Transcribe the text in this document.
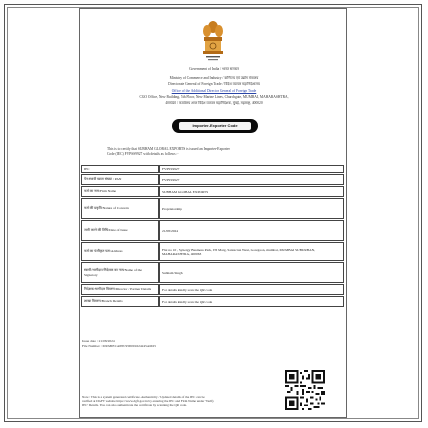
Government of India / भारत सरकार
Ministry of Commerce and Industry / वाणिज्य एवं उद्योग मंत्रालय
Directorate General of Foreign Trade / विदेश व्यापार महानिदेशालय
Office of the Additional Director General of Foreign Trade
CGO Office, New Building, 5th Floor, New Marine Lines, Churchgate, MUMBAI, MAHARASHTRA,
400020 / कार्यालय अपर विदेश व्यापार महानिदेशक, मुंबई, महाराष्ट्र, 400020
Importer-Exporter Code
This is to certify that SUBHAM GLOBAL EXPORTS is issued an Importer-Exporter
Code (IEC) FVPSS9927 with details as follows :-
IEC	FVPSS9927
पैन/स्थायी खाता संख्या / PAN	FVPSS9927
फर्म का नाम/Firm Name	SUBHAM GLOBAL EXPORTS
फर्म की प्रकृति/Nature of Concern	Proprietorship
जारी करने की तिथि/Date of Issue	21/08/2024
फर्म का पंजीकृत पता/Address	Flat no 10 , Synergy Business Park, ITI Marg, Santacruz West, Goregaon, mumbai, MUMBAI SUBURBAN, MAHARASHTRA, 400063
स्वामी/भागीदार/निदेशक का नाम/Name of the Signatory	Subham Singh
निदेशक/भागीदार विवरण/Director / Partner Details	For details kindly scan the QR code
शाखा विवरण/Branch Details	For details kindly scan the QR code
Issue date : 21/08/2024
File Number : MUMIECAPPLY00001624245AM25
Note : This is a system generated certificate. Authenticity / Updated details of the IEC can be
verified at DGFT website https://www.dgft.gov.in by entering the IEC and Firm Name under 'Verify
IEC' Details. You can also authenticate the certificate by scanning the QR code.
